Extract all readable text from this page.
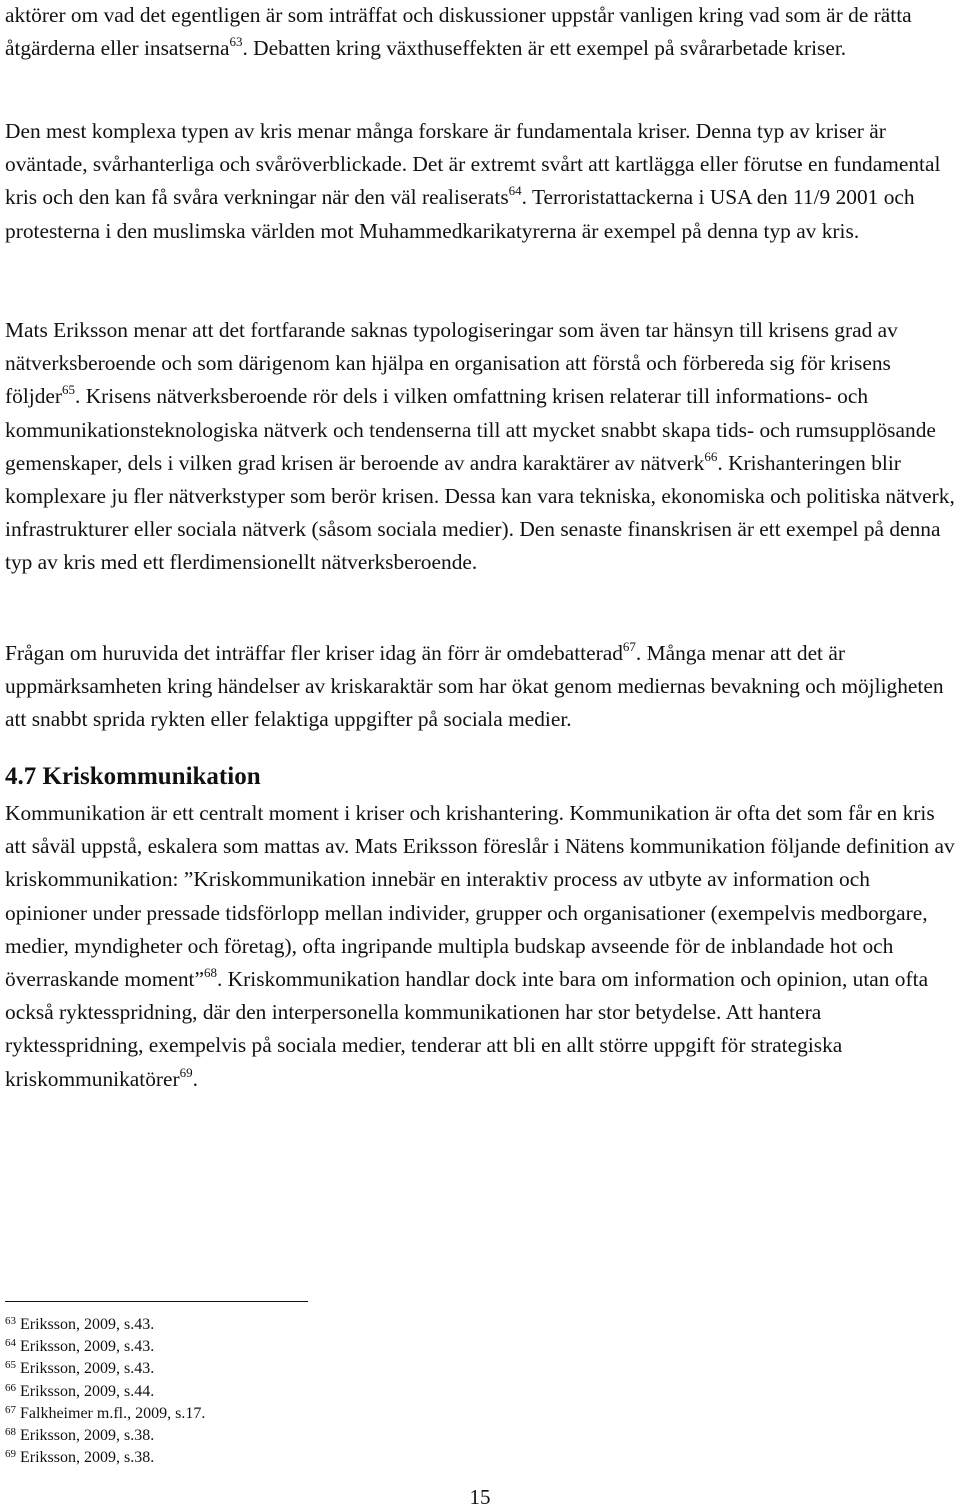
aktörer om vad det egentligen är som inträffat och diskussioner uppstår vanligen kring vad som är de rätta åtgärderna eller insatserna$^{63}$. Debatten kring växthuseffekten är ett exempel på svårarbetade kriser.

Den mest komplexa typen av kris menar många forskare är fundamentala kriser. Denna typ av kriser är oväntade, svårhanterliga och svåröverblickade. Det är extremt svårt att kartlägga eller förutse en fundamental kris och den kan få svåra verkningar när den väl realiserats$^{64}$. Terroristattackerna i USA den 11/9 2001 och protesterna i den muslimska världen mot Muhammedkarikatyrerna är exempel på denna typ av kris.

Mats Eriksson menar att det fortfarande saknas typologiseringar som även tar hänsyn till krisens grad av nätverksberoende och som därigenom kan hjälpa en organisation att förstå och förbereda sig för krisens följder$^{65}$. Krisens nätverksberoende rör dels i vilken omfattning krisen relaterar till informations- och kommunikationsteknologiska nätverk och tendenserna till att mycket snabbt skapa tids- och rumsupplösande gemenskaper, dels i vilken grad krisen är beroende av andra karaktärer av nätverk$^{66}$. Krishanteringen blir komplexare ju fler nätverkstyper som berör krisen. Dessa kan vara tekniska, ekonomiska och politiska nätverk, infrastrukturer eller sociala nätverk (såsom sociala medier). Den senaste finanskrisen är ett exempel på denna typ av kris med ett flerdimensionellt nätverksberoende.

Frågan om huruvida det inträffar fler kriser idag än förr är omdebatterad$^{67}$. Många menar att det är uppmärksamheten kring händelser av kriskaraktär som har ökat genom mediernas bevakning och möjligheten att snabbt sprida rykten eller felaktiga uppgifter på sociala medier.

4.7 Kriskommunikation

Kommunikation är ett centralt moment i kriser och krishantering. Kommunikation är ofta det som får en kris att såväl uppstå, eskalera som mattas av. Mats Eriksson föreslår i Nätens kommunikation följande definition av kriskommunikation: ”Kriskommunikation innebär en interaktiv process av utbyte av information och opinioner under pressade tidsförlopp mellan individer, grupper och organisationer (exempelvis medborgare, medier, myndigheter och företag), ofta ingripande multipla budskap avseende för de inblandade hot och överraskande moment”$^{68}$. Kriskommunikation handlar dock inte bara om information och opinion, utan ofta också ryktesspridning, där den interpersonella kommunikationen har stor betydelse. Att hantera ryktesspridning, exempelvis på sociala medier, tenderar att bli en allt större uppgift för strategiska kriskommunikatörer$^{69}$.

$^{63}$ Eriksson, 2009, s.43.
$^{64}$ Eriksson, 2009, s.43.
$^{65}$ Eriksson, 2009, s.43.
$^{66}$ Eriksson, 2009, s.44.
$^{67}$ Falkheimer m.fl., 2009, s.17.
$^{68}$ Eriksson, 2009, s.38.
$^{69}$ Eriksson, 2009, s.38.
15
